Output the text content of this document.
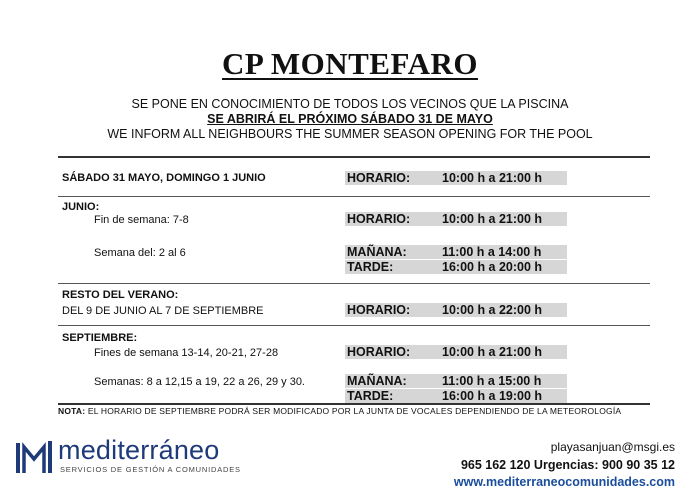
CP MONTEFARO
SE PONE EN CONOCIMIENTO DE TODOS LOS VECINOS QUE LA PISCINA
SE ABRIRÁ EL PRÓXIMO SÁBADO 31 DE MAYO
WE INFORM ALL NEIGHBOURS THE SUMMER SEASON OPENING FOR THE POOL
SÁBADO 31 MAYO, DOMINGO 1 JUNIO	HORARIO:	10:00 h a 21:00 h
JUNIO:
Fin de semana: 7-8	HORARIO:	10:00 h a 21:00 h
Semana del: 2 al 6	MAÑANA:	11:00 h a 14:00 h
TARDE:	16:00 h a 20:00 h
RESTO DEL VERANO:
DEL 9 DE JUNIO AL 7 DE SEPTIEMBRE	HORARIO:	10:00 h a 22:00 h
SEPTIEMBRE:
Fines de semana 13-14, 20-21, 27-28	HORARIO:	10:00 h a 21:00 h
Semanas: 8 a 12,15 a 19, 22 a 26, 29 y 30.	MAÑANA:	11:00 h a 15:00 h
TARDE:	16:00 h a 19:00 h
NOTA: EL HORARIO DE SEPTIEMBRE PODRÁ SER MODIFICADO POR LA JUNTA DE VOCALES DEPENDIENDO DE LA METEOROLOGÍA
mediterráneo
SERVICIOS DE GESTIÓN A COMUNIDADES
playasanjuan@msgi.es
965 162 120 Urgencias: 900 90 35 12
www.mediterraneocomunidades.com
